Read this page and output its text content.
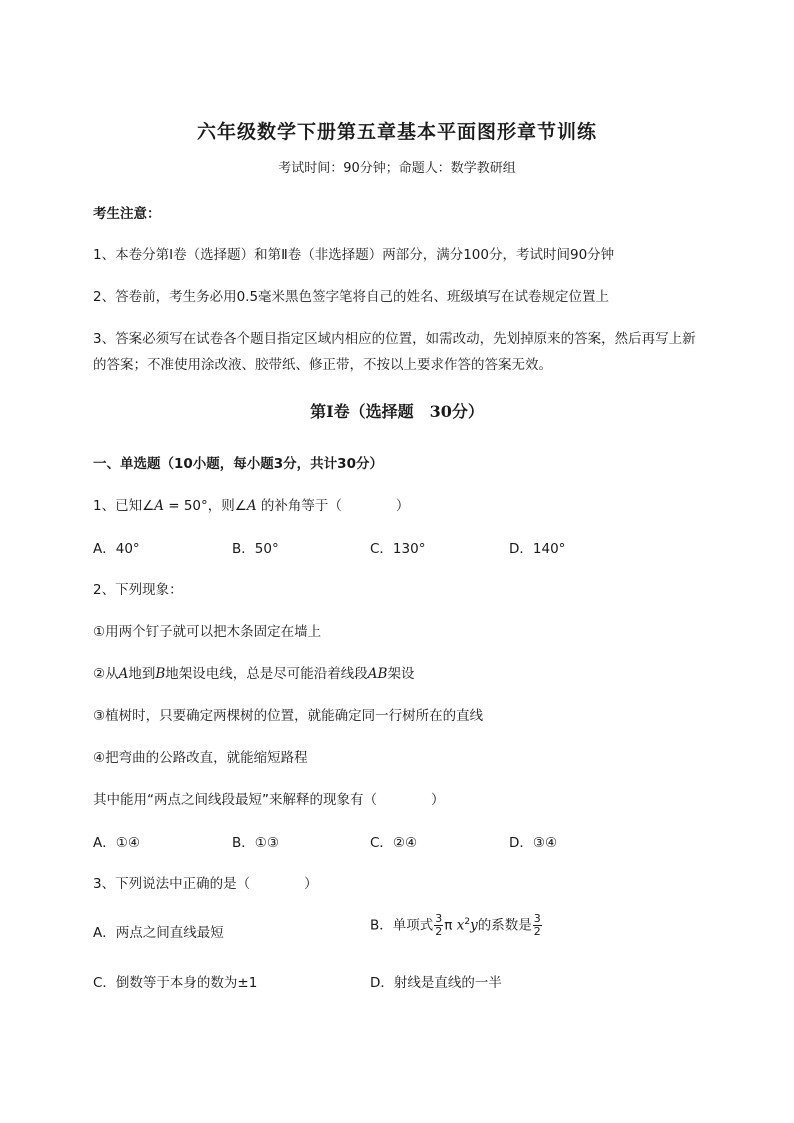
六年级数学下册第五章基本平面图形章节训练
考试时间：90分钟；命题人：数学教研组
考生注意：
1、本卷分第I卷（选择题）和第Ⅱ卷（非选择题）两部分，满分100分，考试时间90分钟
2、答卷前，考生务必用0.5毫米黑色签字笔将自己的姓名、班级填写在试卷规定位置上
3、答案必须写在试卷各个题目指定区域内相应的位置，如需改动，先划掉原来的答案，然后再写上新
的答案；不准使用涂改液、胶带纸、修正带，不按以上要求作答的答案无效。
第I卷（选择题　30分）
一、单选题（10小题，每小题3分，共计30分）
1、已知∠A = 50°，则∠A 的补角等于（　　　　）
A．40°	B．50°	C．130°	D．140°
2、下列现象：
①用两个钉子就可以把木条固定在墙上
②从A地到B地架设电线，总是尽可能沿着线段AB架设
③植树时，只要确定两棵树的位置，就能确定同一行树所在的直线
④把弯曲的公路改直，就能缩短路程
其中能用“两点之间线段最短”来解释的现象有（　　　　）
A．①④	B．①③	C．②④	D．③④
3、下列说法中正确的是（　　　　）
A．两点之间直线最短	B．单项式 $\frac{3}{2}$ π $x^2y$的系数是 $\frac{3}{2}$
C．倒数等于本身的数为±1	D．射线是直线的一半
